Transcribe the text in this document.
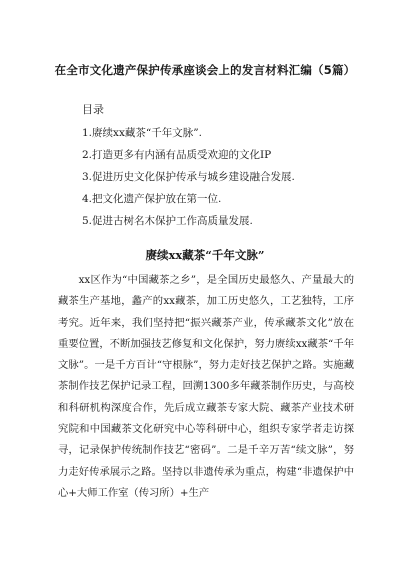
在全市文化遗产保护传承座谈会上的发言材料汇编（5篇）
目录
1.赓续xx藏茶“千年文脉”.
2.打造更多有内涵有品质受欢迎的文化IP
3.促进历史文化保护传承与城乡建设融合发展.
4.把文化遗产保护放在第一位.
5.促进古树名木保护工作高质量发展.
赓续xx藏茶“千年文脉”

xx区作为“中国藏茶之乡”，是全国历史最悠久、产量最大的藏茶生产基地，蠡产的xx藏茶，加工历史悠久，工艺独特，工序考究。近年来，我们坚持把“振兴藏茶产业，传承藏茶文化”放在重要位置，不断加强技艺修复和文化保护，努力赓续xx藏茶“千年文脉”。一是千方百计“守根脉”，努力走好技艺保护之路。实施藏茶制作技艺保护记录工程，回溯1300多年藏茶制作历史，与高校和科研机构深度合作，先后成立藏茶专家大院、藏茶产业技术研究院和中国藏茶文化研究中心等科研中心，组织专家学者走访探寻，记录保护传统制作技艺“密码”。二是千辛万苦“续文脉”，努力走好传承展示之路。坚持以非遗传承为重点，构建“非遗保护中心+大师工作室（传习所）+生产
